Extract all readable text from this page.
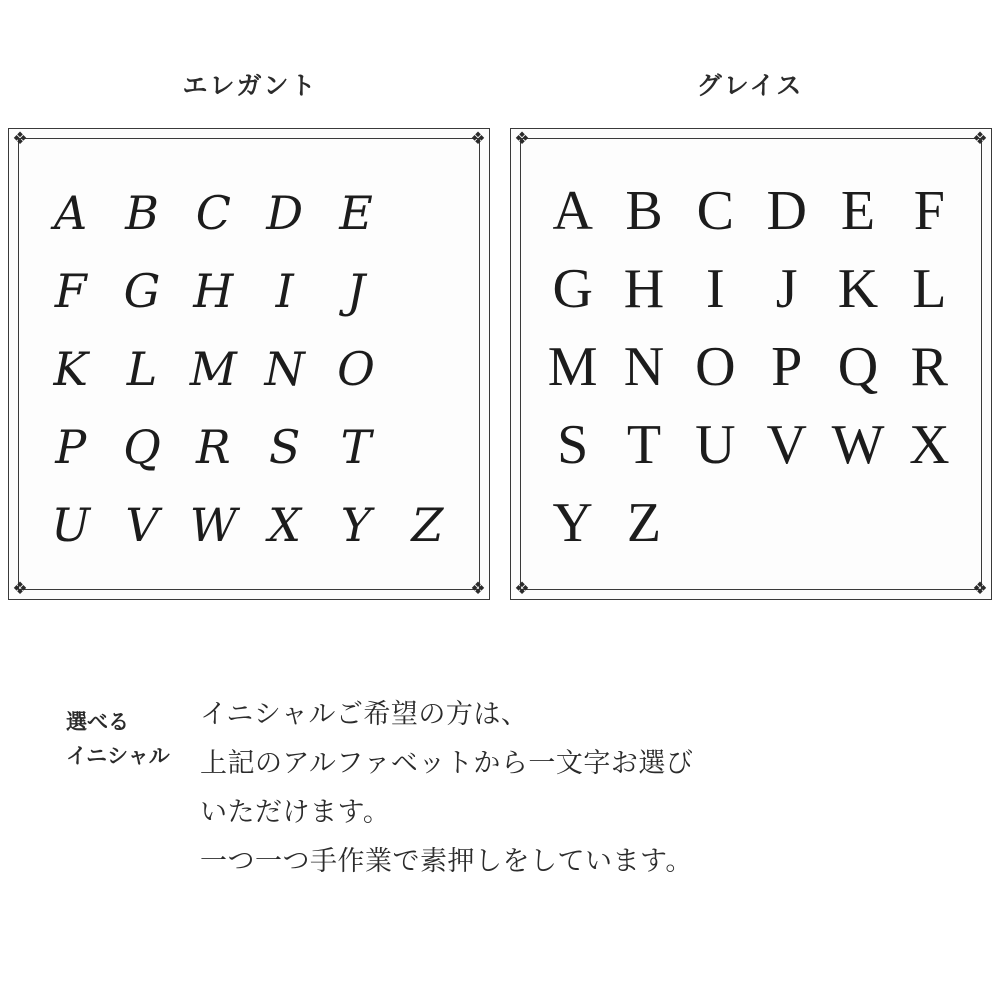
エレガント	グレイス
❖	❖
❖	❖
A B C D E
F G H I	J
K L M N O
P Q R S T
U V W X Y Z
❖	❖
❖	❖
A B C D E F
G H I J K L
M N O P Q R
S T U V W X
Y Z
選べる
イニシャル
イニシャルご希望の方は、
上記のアルファベットから一文字お選び
いただけます。
一つ一つ手作業で素押しをしています。
